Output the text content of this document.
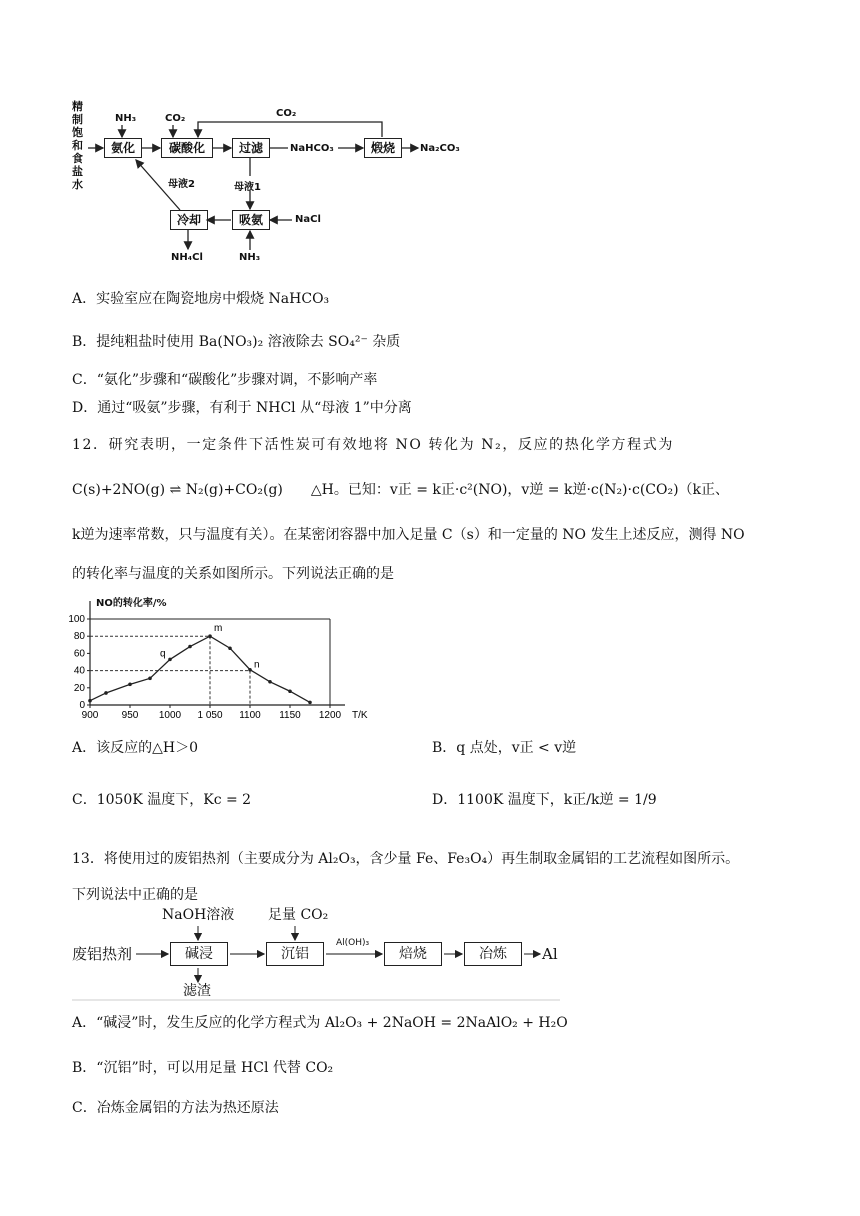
精
制
饱
和
食
盐
水
氨化	碳酸化	过滤	煅烧
冷却	吸氨
NH₃	CO₂	CO₂
NaHCO₃	Na₂CO₃
母液1
母液2
NaCl
NH₄Cl	NH₃
A．实验室应在陶瓷地房中煅烧 NaHCO₃
B．提纯粗盐时使用 Ba(NO₃)₂ 溶液除去 SO₄²⁻ 杂质
C．“氨化”步骤和“碳酸化”步骤对调，不影响产率
D．通过“吸氨”步骤，有利于 NHCl 从“母液 1”中分离
12．研究表明，一定条件下活性炭可有效地将 NO 转化为 N₂，反应的热化学方程式为
C(s)+2NO(g) ⇌ N₂(g)+CO₂(g)　　△H。已知：v正 = k正·c²(NO)，v逆 = k逆·c(N₂)·c(CO₂)（k正、
k逆为速率常数，只与温度有关）。在某密闭容器中加入足量 C（s）和一定量的 NO 发生上述反应，测得 NO
的转化率与温度的关系如图所示。下列说法正确的是
NO的转化率/%
0
20
40
60
80
100
900 950 1000 1 050 1100 1150 1200 T/K
q
m
n
A．该反应的△H＞0	B．q 点处，v正 < v逆
C．1050K 温度下，Kc = 2	D．1100K 温度下，k正/k逆 = 1/9
13．将使用过的废铝热剂（主要成分为 Al₂O₃，含少量 Fe、Fe₃O₄）再生制取金属铝的工艺流程如图所示。
下列说法中正确的是
废铝热剂
NaOH溶液 足量 CO₂
碱浸	沉铝	焙烧	冶炼
Al(OH)₃
滤渣
Al
A．“碱浸”时，发生反应的化学方程式为 Al₂O₃ + 2NaOH = 2NaAlO₂ + H₂O
B．“沉铝”时，可以用足量 HCl 代替 CO₂
C．冶炼金属铝的方法为热还原法
